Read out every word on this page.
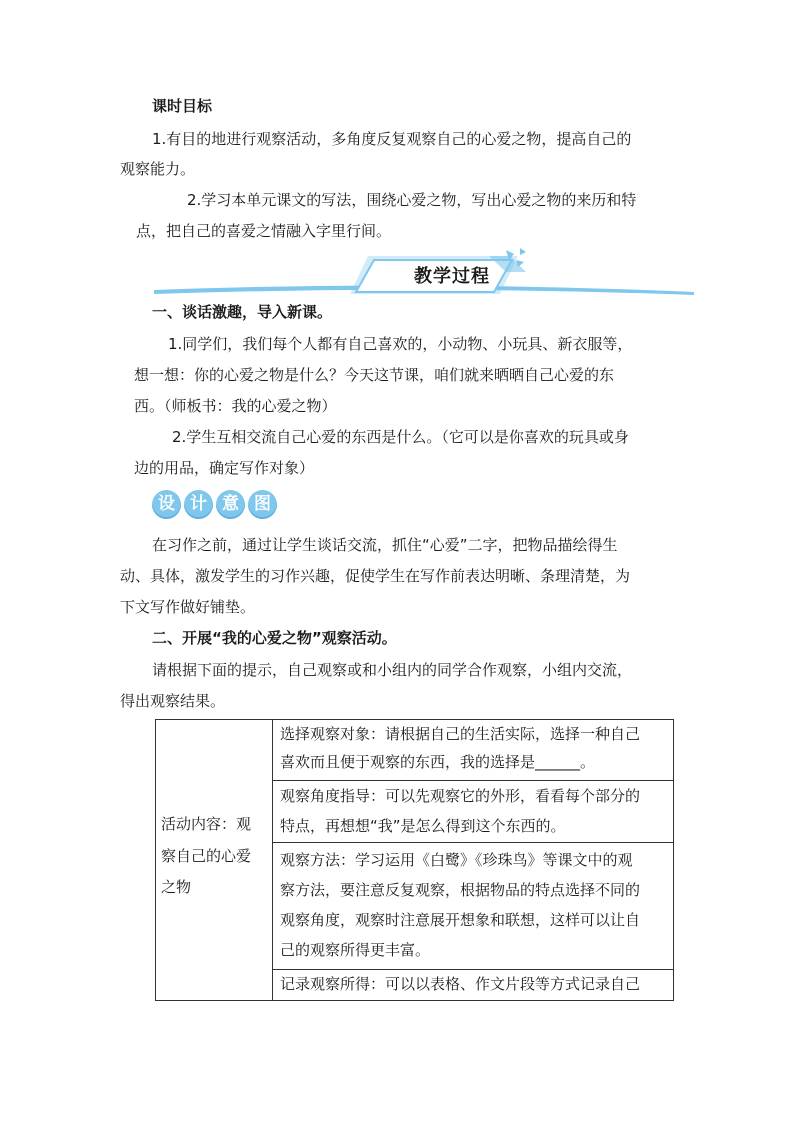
课时目标
1.有目的地进行观察活动，多角度反复观察自己的心爱之物，提高自己的
观察能力。
2.学习本单元课文的写法，围绕心爱之物，写出心爱之物的来历和特
点，把自己的喜爱之情融入字里行间。
教学过程
一、谈话激趣，导入新课。
1.同学们，我们每个人都有自己喜欢的，小动物、小玩具、新衣服等，
想一想：你的心爱之物是什么？今天这节课，咱们就来晒晒自己心爱的东
西。（师板书：我的心爱之物）
2.学生互相交流自己心爱的东西是什么。（它可以是你喜欢的玩具或身
边的用品，确定写作对象）
设 计 意 图
在习作之前，通过让学生谈话交流，抓住“心爱”二字，把物品描绘得生
动、具体，激发学生的习作兴趣，促使学生在写作前表达明晰、条理清楚，为
下文写作做好铺垫。
二、开展“我的心爱之物”观察活动。
请根据下面的提示，自己观察或和小组内的同学合作观察，小组内交流，
得出观察结果。
活动内容：观
察自己的心爱
之物
选择观察对象：请根据自己的生活实际，选择一种自己
喜欢而且便于观察的东西，我的选择是______。
观察角度指导：可以先观察它的外形，看看每个部分的
特点，再想想“我”是怎么得到这个东西的。
观察方法：学习运用《白鹭》《珍珠鸟》等课文中的观
察方法，要注意反复观察，根据物品的特点选择不同的
观察角度，观察时注意展开想象和联想，这样可以让自
己的观察所得更丰富。
记录观察所得：可以以表格、作文片段等方式记录自己
